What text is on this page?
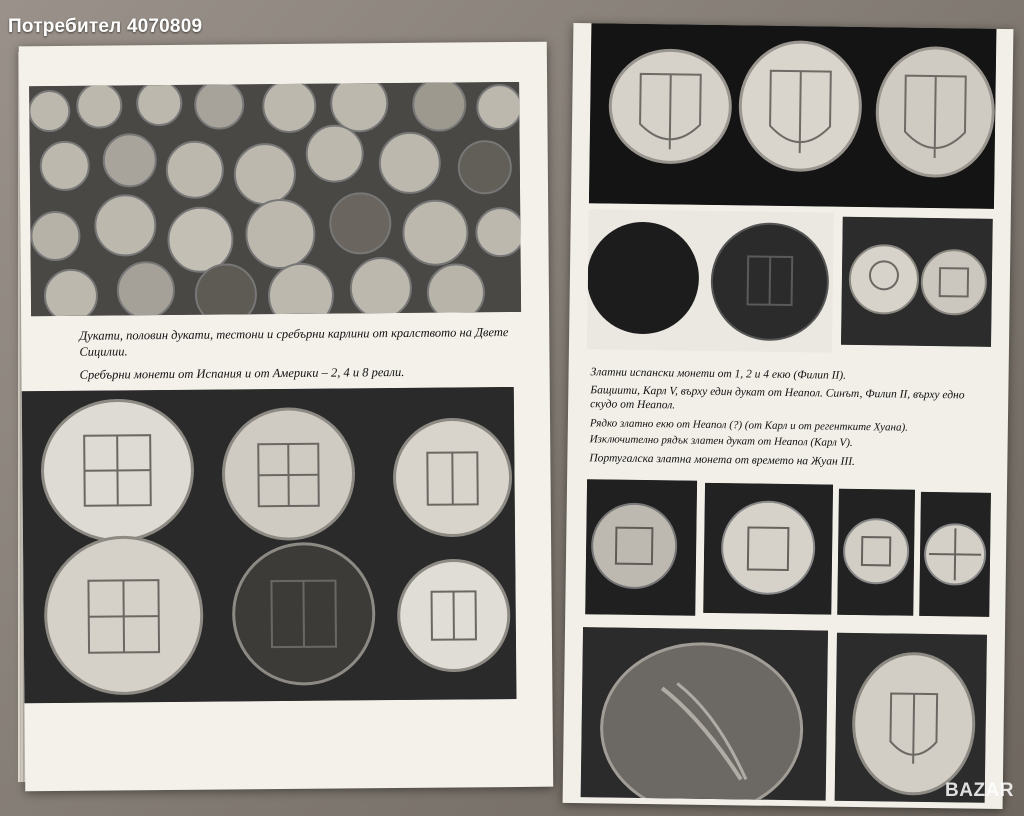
Дукати, половин дукати, тестони и сребърни карлини от кралството на Двете Сицилии.
Сребърни монети от Испания и от Америки – 2, 4 и 8 реали.	Златни испански монети от 1, 2 и 4 екю (Филип II).
Бащиити, Карл V, върху един дукат от Неапол. Синът, Филип II, върху едно скудо от Неапол.
Рядко златно екю от Неапол (?) (от Карл и от регентките Хуана).
Изключително рядък златен дукат от Неапол (Карл V).
Португалска златна монета от времето на Жуан III.
Потребител 4070809
BAZAR
